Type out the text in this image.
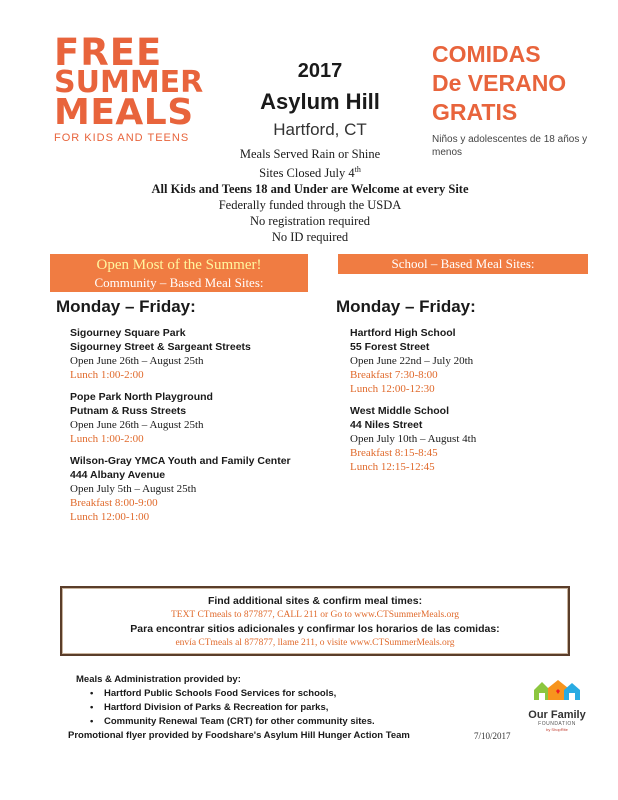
FREE
SUMMER
MEALS
FOR KIDS AND TEENS
2017
Asylum Hill
Hartford, CT
COMIDAS
De VERANO
GRATIS
Niños y adolescentes de 18 años y menos
Meals Served Rain or Shine
Sites Closed July 4th
All Kids and Teens 18 and Under are Welcome at every Site
Federally funded through the USDA
No registration required
No ID required
Open Most of the Summer!
Community – Based Meal Sites:
School – Based Meal Sites:
Monday – Friday:
Sigourney Square Park
Sigourney Street & Sargeant Streets
Open June 26th – August 25th
Lunch 1:00-2:00
Pope Park North Playground
Putnam & Russ Streets
Open June 26th – August 25th
Lunch 1:00-2:00
Wilson-Gray YMCA Youth and Family Center
444 Albany Avenue
Open July 5th – August 25th
Breakfast 8:00-9:00
Lunch 12:00-1:00
Monday – Friday:
Hartford High School
55 Forest Street
Open June 22nd – July 20th
Breakfast 7:30-8:00
Lunch 12:00-12:30
West Middle School
44 Niles Street
Open July 10th – August 4th
Breakfast 8:15-8:45
Lunch 12:15-12:45
Find additional sites & confirm meal times:
TEXT CTmeals to 877877, CALL 211 or Go to www.CTSummerMeals.org
Para encontrar sitios adicionales y confirmar los horarios de las comidas:
envía CTmeals al 877877, llame 211, o visite www.CTSummerMeals.org
Meals & Administration provided by:
• Hartford Public Schools Food Services for schools,
• Hartford Division of Parks & Recreation for parks,
• Community Renewal Team (CRT) for other community sites.
Promotional flyer provided by Foodshare's Asylum Hill Hunger Action Team	7/10/2017
Our Family
FOUNDATION
by ShopRite
